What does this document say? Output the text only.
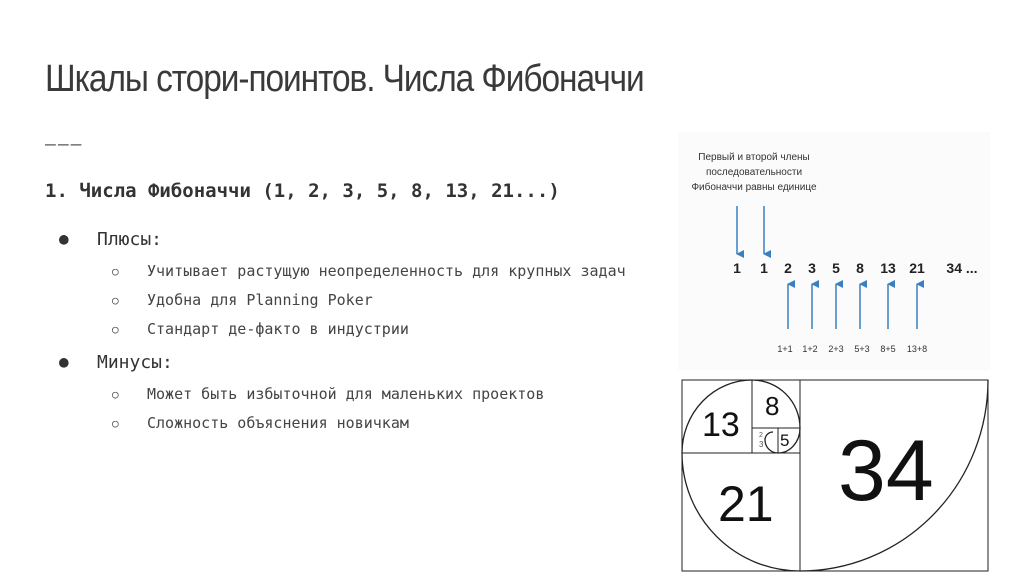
Шкалы стори-поинтов. Числа Фибоначчи
———

1. Числа Фибоначчи (1, 2, 3, 5, 8, 13, 21...)

● Плюсы:
○ Учитывает растущую неопределенность для крупных задач
○ Удобна для Planning Poker
○ Стандарт де-факто в индустрии
● Минусы:
○ Может быть избыточной для маленьких проектов
○ Сложность объяснения новичкам
Первый и второй члены
последовательности
Фибоначчи равны единице
1 1 2 3 5 8 13 21 34 ...
1+1 1+2 2+3 5+3 8+5 13+8
13 8
5
3
2
21 34
